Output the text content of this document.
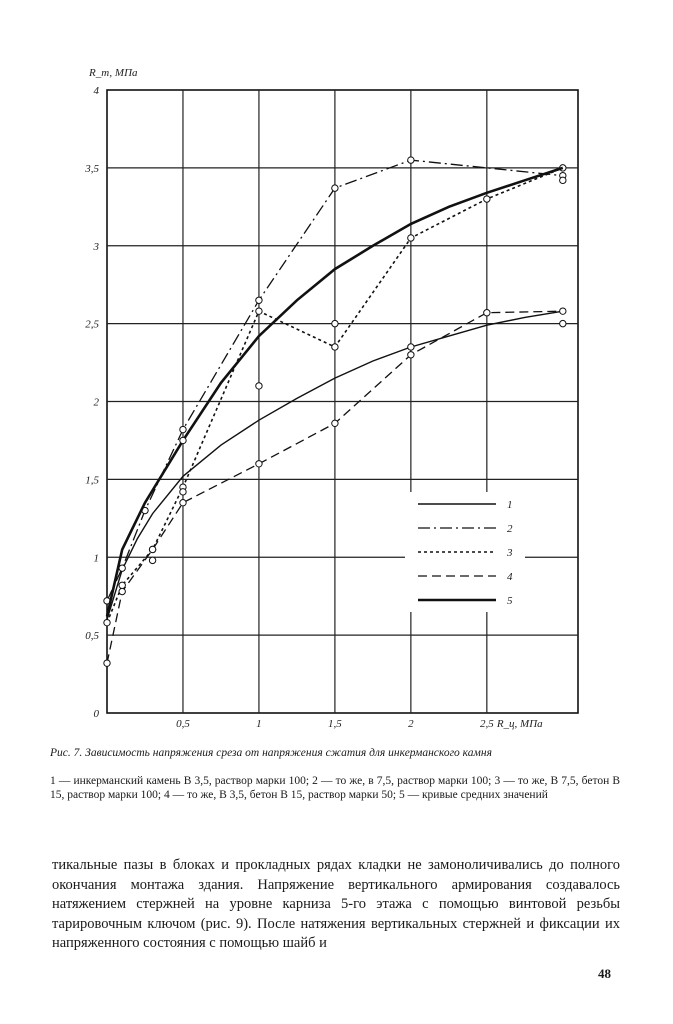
0,5	1	1,5	2	2,5
0
0,5
1
1,5
2
2,5
3
3,5
4
1
2
3
4
5
R_т, МПа
R_ц, МПа
Рис. 7. Зависимость напряжения среза от напряжения сжатия для инкерманского камня
1 — инкерманский камень В 3,5, раствор марки 100; 2 — то же, в 7,5, раствор марки 100; 3 — то же, В 7,5, бетон В 15, раствор марки 100; 4 — то же, В 3,5, бетон В 15, раствор марки 50; 5 — кривые средних значений
тикальные пазы в блоках и прокладных рядах кладки не замоноличивались до полного окончания монтажа здания. Напряжение вертикального армирования создавалось натяжением стержней на уровне карниза 5-го этажа с помощью винтовой резьбы тарировочным ключом (рис. 9). После натяжения вертикальных стержней и фиксации их напряженного состояния с помощью шайб и
48
